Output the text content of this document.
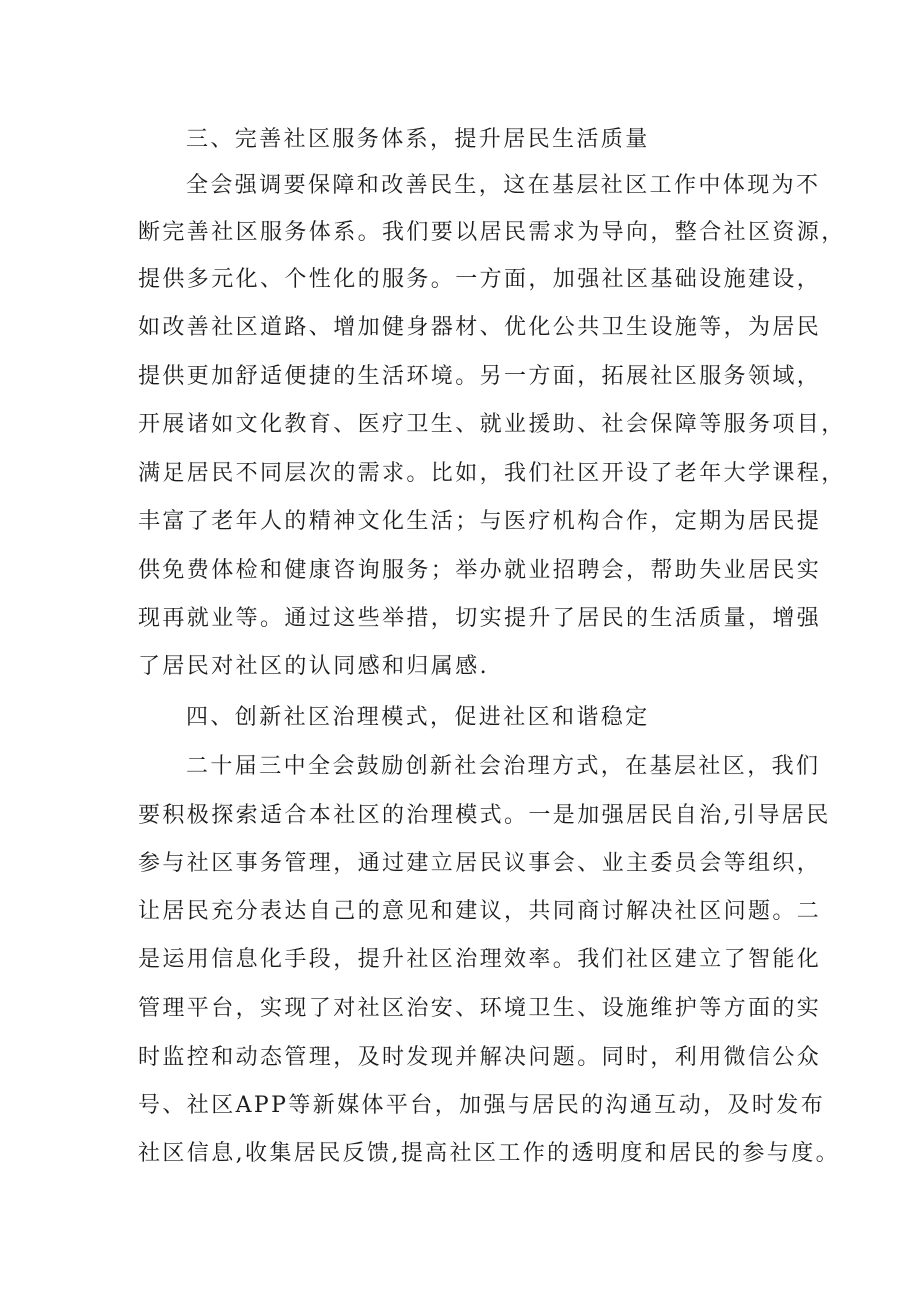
三、完善社区服务体系，提升居民生活质量

全会强调要保障和改善民生，这在基层社区工作中体现为不

断完善社区服务体系。我们要以居民需求为导向，整合社区资源，

提供多元化、个性化的服务。一方面，加强社区基础设施建设，

如改善社区道路、增加健身器材、优化公共卫生设施等，为居民

提供更加舒适便捷的生活环境。另一方面，拓展社区服务领域，

开展诸如文化教育、医疗卫生、就业援助、社会保障等服务项目，

满足居民不同层次的需求。比如，我们社区开设了老年大学课程，

丰富了老年人的精神文化生活；与医疗机构合作，定期为居民提

供免费体检和健康咨询服务；举办就业招聘会，帮助失业居民实

现再就业等。通过这些举措，切实提升了居民的生活质量，增强

了居民对社区的认同感和归属感.

四、创新社区治理模式，促进社区和谐稳定

二十届三中全会鼓励创新社会治理方式，在基层社区，我们

要积极探索适合本社区的治理模式。一是加强居民自治,引导居民

参与社区事务管理，通过建立居民议事会、业主委员会等组织，

让居民充分表达自己的意见和建议，共同商讨解决社区问题。二

是运用信息化手段，提升社区治理效率。我们社区建立了智能化

管理平台，实现了对社区治安、环境卫生、设施维护等方面的实

时监控和动态管理，及时发现并解决问题。同时，利用微信公众

号、社区APP等新媒体平台，加强与居民的沟通互动，及时发布

社区信息,收集居民反馈,提高社区工作的透明度和居民的参与度。
